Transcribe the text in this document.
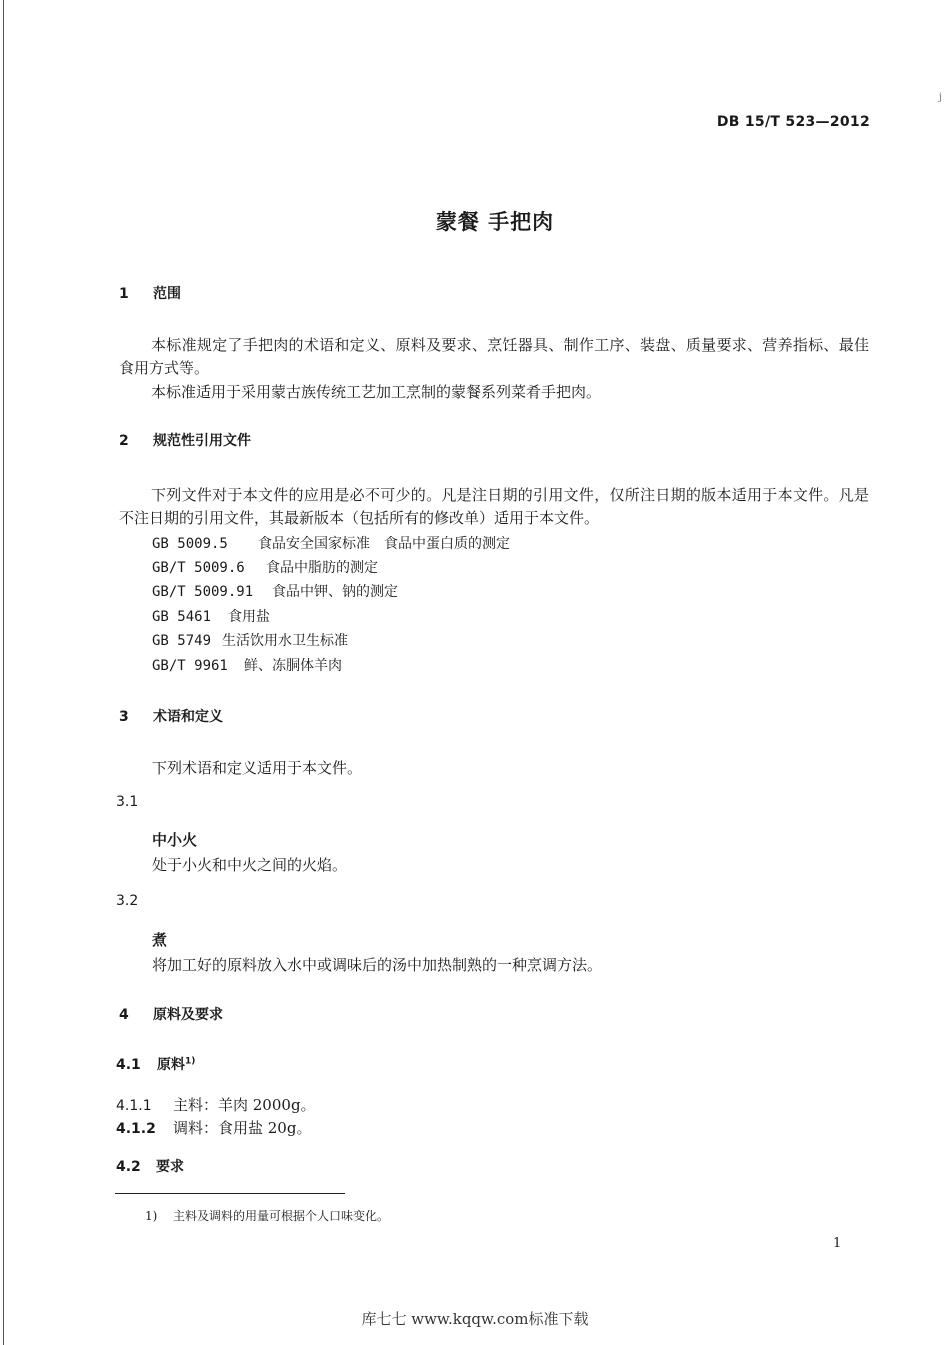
j
DB 15/T 523—2012
蒙餐 手把肉
1 范围
本标准规定了手把肉的术语和定义、原料及要求、烹饪器具、制作工序、装盘、质量要求、营养指标、最佳食用方式等。
本标准适用于采用蒙古族传统工艺加工烹制的蒙餐系列菜肴手把肉。
2 规范性引用文件
下列文件对于本文件的应用是必不可少的。凡是注日期的引用文件，仅所注日期的版本适用于本文件。凡是不注日期的引用文件，其最新版本（包括所有的修改单）适用于本文件。
GB 5009.5 食品安全国家标准　食品中蛋白质的测定
GB/T 5009.6 食品中脂肪的测定
GB/T 5009.91 食品中钾、钠的测定
GB 5461 食用盐
GB 5749 生活饮用水卫生标准
GB/T 9961 鲜、冻胴体羊肉
3 术语和定义
下列术语和定义适用于本文件。
3.1
中小火
处于小火和中火之间的火焰。
3.2
煮
将加工好的原料放入水中或调味后的汤中加热制熟的一种烹调方法。
4 原料及要求
4.1 原料$^{1)}$
4.1.1 主料：羊肉 2000g。
4.1.2 调料：食用盐 20g。
4.2 要求
1) 主料及调料的用量可根据个人口味变化。
1
库七七 www.kqqw.com标准下载
